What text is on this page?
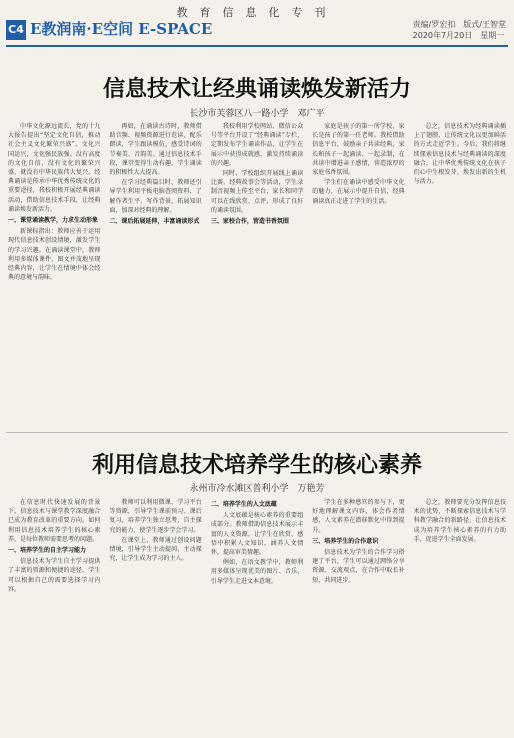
教育信息化专刊
C4 E教润南·E空间 E-SPACE	责编/罗宏扣　版式/王智堂
2020年7月20日　星期一
信息技术让经典诵读焕发新活力
长沙市芙蓉区八一路小学　邓广平

中华文化源远流长，党的十九大报告提出“坚定文化自信，推动社会主义文化繁荣兴盛”。文化兴国运兴，文化强民族强。没有高度的文化自信，没有文化的繁荣兴盛，就没有中华民族伟大复兴。经典诵读是传承中华优秀传统文化的重要途径，我校积极开展经典诵读活动，借助信息技术手段，让经典诵读焕发新活力。

一、课堂诵读教学，力求生动形象

新课标指出：教师应善于运用现代信息技术创设情境，激发学生的学习兴趣。在诵读课堂中，教师利用多媒体课件，图文并茂地呈现经典内容，让学生在情境中体会经典的意境与韵味。

再如，在诵读古诗时，教师借助音频、视频资源进行范读、配乐朗读，学生跟读模仿，感受诗词的节奏美、音韵美。通过信息技术手段，课堂变得生动有趣，学生诵读的积极性大大提高。

在学习经典篇目时，教师还引导学生利用平板电脑查阅资料，了解作者生平、写作背景，拓展知识面，加深对经典的理解。

二、课后拓展延伸，丰富诵读形式

我校利用学校网站、微信公众号等平台开设了“经典诵读”专栏，定期发布学生诵读作品，让学生在展示中获得成就感，激发持续诵读的兴趣。

同时，学校组织开展线上诵读比赛、经典故事会等活动，学生录制音视频上传至平台，家长和同学可以在线欣赏、点评，形成了良好的诵读氛围。

三、家校合作，营造书香氛围

家庭是孩子的第一所学校，家长是孩子的第一任老师。我校借助信息平台，鼓励亲子共读经典，家长和孩子一起诵读、一起录制，在共读中增进亲子感情，营造浓厚的家庭书香氛围。

学生们在诵读中感受中华文化的魅力，在展示中提升自信，经典诵读真正走进了学生的生活。

总之，信息技术为经典诵读插上了翅膀，让传统文化以更加鲜活的方式走近学生。今后，我们将继续探索信息技术与经典诵读的深度融合，让中华优秀传统文化在孩子们心中生根发芽，焕发出新的生机与活力。

利用信息技术培养学生的核心素养
永州市冷水滩区普利小学　万艳芳

在信息时代快速发展的背景下，信息技术与课堂教学深度融合已成为教育改革的重要方向。如何利用信息技术培养学生的核心素养，是每位教师需要思考的问题。

一、培养学生的自主学习能力

信息技术为学生自主学习提供了丰富的资源和便捷的途径，学生可以根据自己的需要选择学习内容。

教师可以利用微课、学习平台等资源，引导学生课前预习、课后复习，培养学生独立思考、自主探究的能力，使学生逐步学会学习。

在课堂上，教师通过创设问题情境，引导学生主动提问、主动探究，让学生成为学习的主人。

二、培养学生的人文底蕴

人文底蕴是核心素养的重要组成部分。教师借助信息技术展示丰富的人文资源，让学生在欣赏、感悟中积累人文知识，涵养人文情怀，提高审美情趣。

例如，在语文教学中，教师利用多媒体呈现优美的图片、音乐，引导学生走进文本意境。

学生在多种感官的参与下，更好地理解课文内容，体会作者情感，人文素养在潜移默化中得到提升。

三、培养学生的合作意识

信息技术为学生的合作学习搭建了平台，学生可以通过网络分享资源、交流观点，在合作中取长补短，共同进步。

总之，教师要充分发挥信息技术的优势，不断探索信息技术与学科教学融合的新路径，让信息技术成为培养学生核心素养的有力助手，促进学生全面发展。
